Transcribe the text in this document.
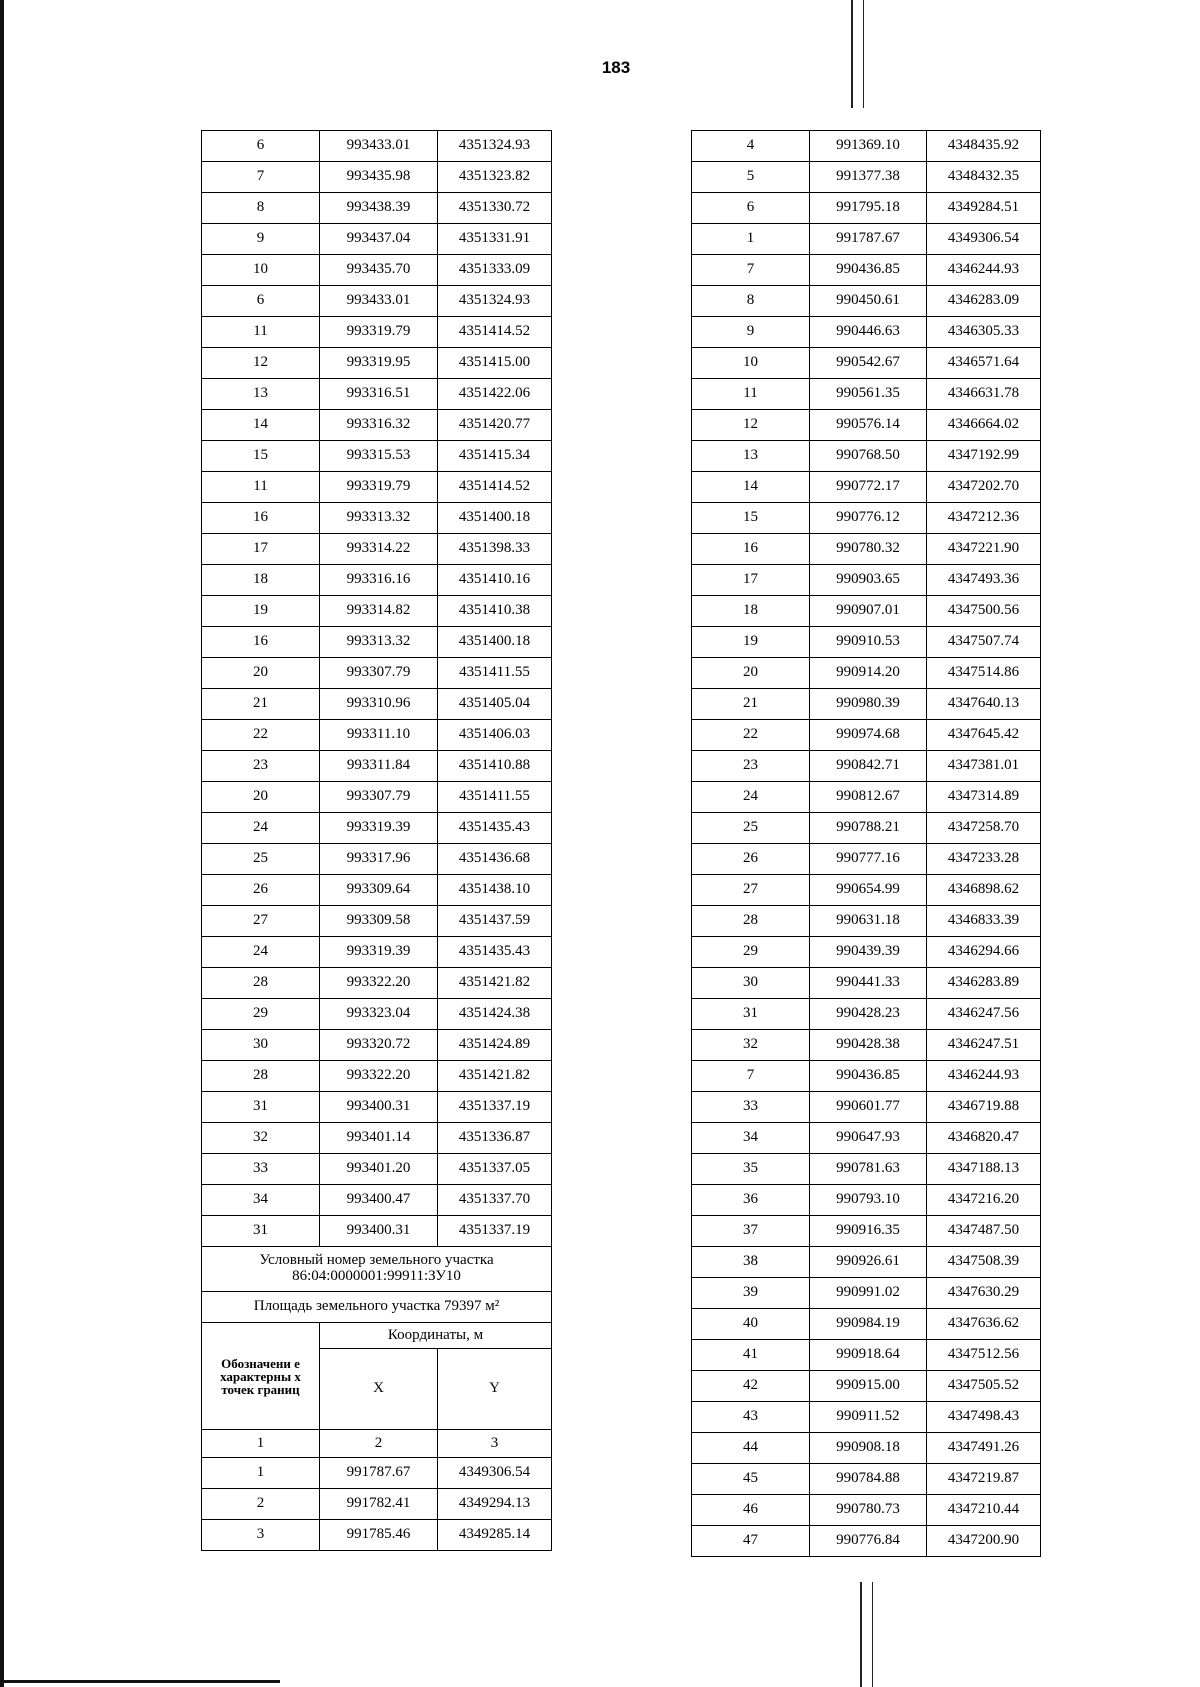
183
6	993433.01	4351324.93
7	993435.98	4351323.82
8	993438.39	4351330.72
9	993437.04	4351331.91
10	993435.70	4351333.09
6	993433.01	4351324.93
11	993319.79	4351414.52
12	993319.95	4351415.00
13	993316.51	4351422.06
14	993316.32	4351420.77
15	993315.53	4351415.34
11	993319.79	4351414.52
16	993313.32	4351400.18
17	993314.22	4351398.33
18	993316.16	4351410.16
19	993314.82	4351410.38
16	993313.32	4351400.18
20	993307.79	4351411.55
21	993310.96	4351405.04
22	993311.10	4351406.03
23	993311.84	4351410.88
20	993307.79	4351411.55
24	993319.39	4351435.43
25	993317.96	4351436.68
26	993309.64	4351438.10
27	993309.58	4351437.59
24	993319.39	4351435.43
28	993322.20	4351421.82
29	993323.04	4351424.38
30	993320.72	4351424.89
28	993322.20	4351421.82
31	993400.31	4351337.19
32	993401.14	4351336.87
33	993401.20	4351337.05
34	993400.47	4351337.70
31	993400.31	4351337.19

Условный номер земельного участка
86:04:0000001:99911:ЗУ10		

Площадь земельного участка 79397 м²		
Обозначени е характерны х точек границ	Координаты, м	
	X	Y
1	2	3
1	991787.67	4349306.54
2	991782.41	4349294.13
3	991785.46	4349285.14
4	991369.10	4348435.92
5	991377.38	4348432.35
6	991795.18	4349284.51
1	991787.67	4349306.54
7	990436.85	4346244.93
8	990450.61	4346283.09
9	990446.63	4346305.33
10	990542.67	4346571.64
11	990561.35	4346631.78
12	990576.14	4346664.02
13	990768.50	4347192.99
14	990772.17	4347202.70
15	990776.12	4347212.36
16	990780.32	4347221.90
17	990903.65	4347493.36
18	990907.01	4347500.56
19	990910.53	4347507.74
20	990914.20	4347514.86
21	990980.39	4347640.13
22	990974.68	4347645.42
23	990842.71	4347381.01
24	990812.67	4347314.89
25	990788.21	4347258.70
26	990777.16	4347233.28
27	990654.99	4346898.62
28	990631.18	4346833.39
29	990439.39	4346294.66
30	990441.33	4346283.89
31	990428.23	4346247.56
32	990428.38	4346247.51
7	990436.85	4346244.93
33	990601.77	4346719.88
34	990647.93	4346820.47
35	990781.63	4347188.13
36	990793.10	4347216.20
37	990916.35	4347487.50
38	990926.61	4347508.39
39	990991.02	4347630.29
40	990984.19	4347636.62
41	990918.64	4347512.56
42	990915.00	4347505.52
43	990911.52	4347498.43
44	990908.18	4347491.26
45	990784.88	4347219.87
46	990780.73	4347210.44
47	990776.84	4347200.90
